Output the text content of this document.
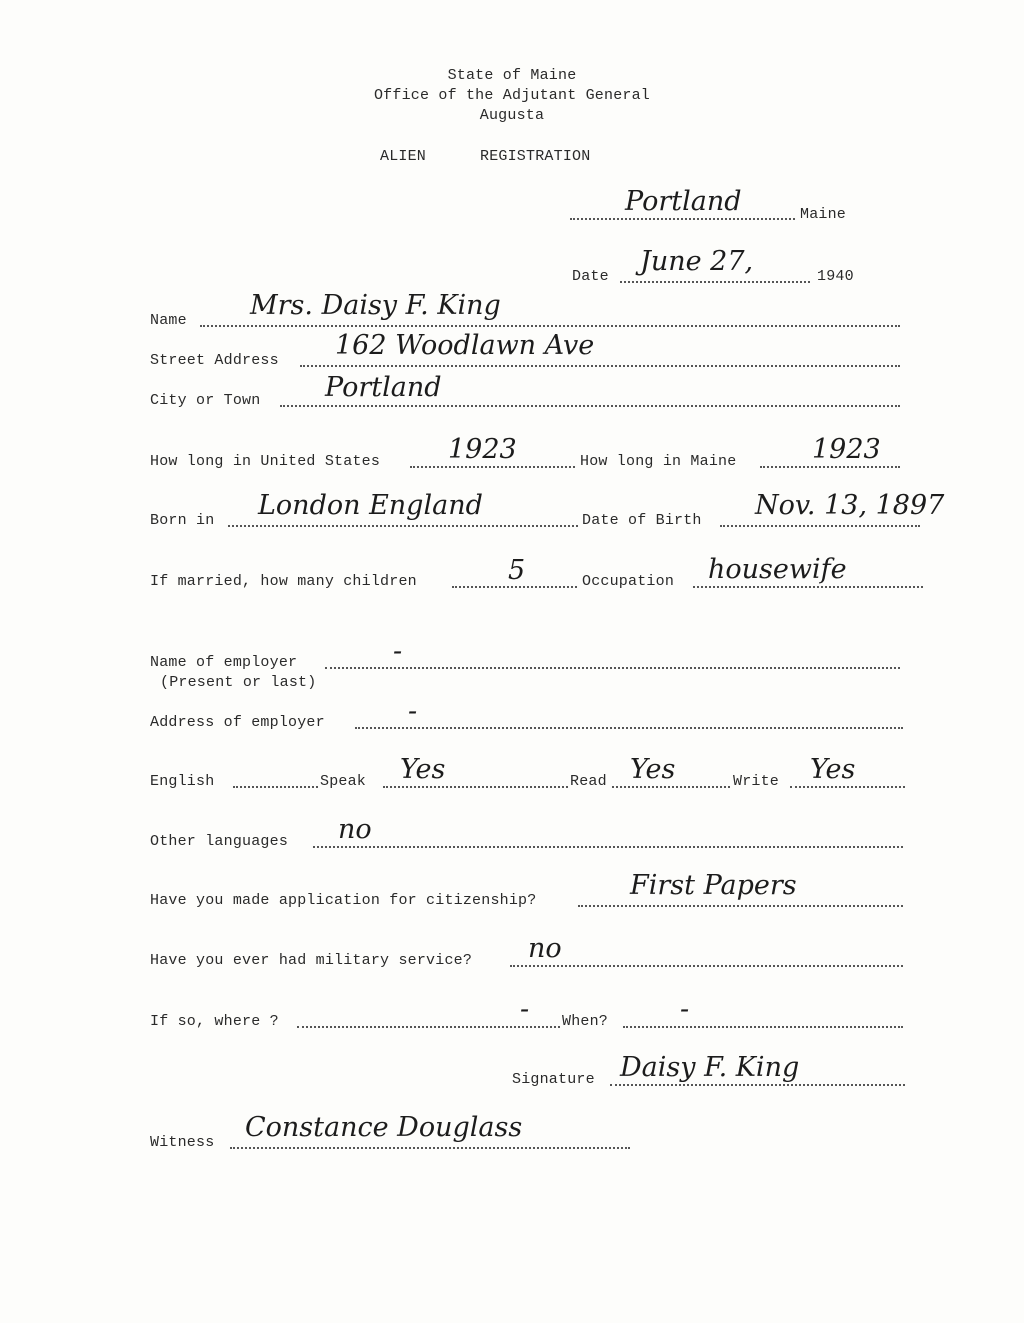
State of Maine
Office of the Adjutant General
Augusta
ALIEN	REGISTRATION
Portland	Maine
Date June 27,	1940
Name Mrs. Daisy F. King
Street Address 162 Woodlawn Ave
City or Town Portland
How long in United States	1923	How long in Maine	1923
Born in London England	Date of Birth Nov. 13, 1897
If married, how many children	5	Occupation housewife
Name of employer	-
(Present or last)
Address of employer	-
English	Speak Yes	Read Yes	Write Yes
Other languages no
Have you made application for citizenship?	First Papers
Have you ever had military service? no
If so, where ?	- When?	-
Signature Daisy F. King
Witness Constance Douglass
